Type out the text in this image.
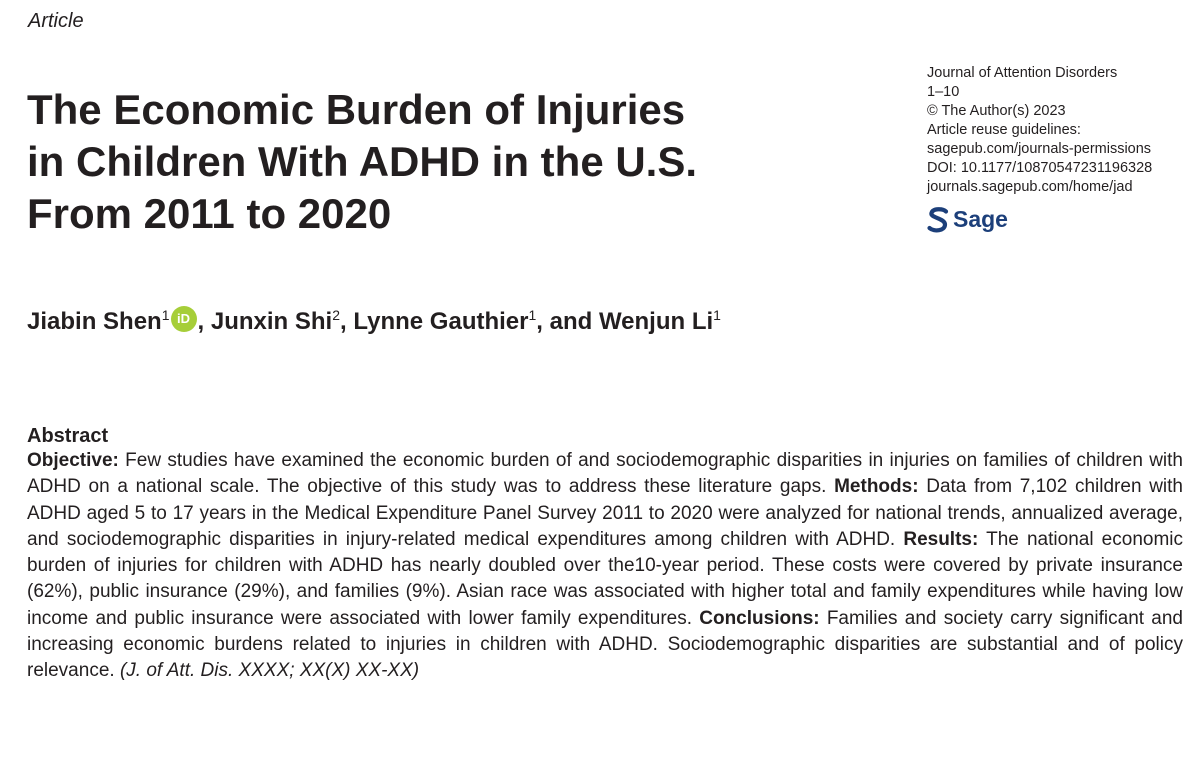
Article
The Economic Burden of Injuries
in Children With ADHD in the U.S.
From 2011 to 2020
Journal of Attention Disorders
1–10
© The Author(s) 2023
Article reuse guidelines:
sagepub.com/journals-permissions
DOI: 10.1177/10870547231196328
journals.sagepub.com/home/jad
Sage
Jiabin Shen$^1$ iD , Junxin Shi$^2$, Lynne Gauthier$^1$, and Wenjun Li$^1$
Abstract
Objective: Few studies have examined the economic burden of and sociodemographic disparities in injuries on families of children with ADHD on a national scale. The objective of this study was to address these literature gaps. Methods: Data from 7,102 children with ADHD aged 5 to 17 years in the Medical Expenditure Panel Survey 2011 to 2020 were analyzed for national trends, annualized average, and sociodemographic disparities in injury-related medical expenditures among children with ADHD. Results: The national economic burden of injuries for children with ADHD has nearly doubled over the10-year period. These costs were covered by private insurance (62%), public insurance (29%), and families (9%). Asian race was associated with higher total and family expenditures while having low income and public insurance were associated with lower family expenditures. Conclusions: Families and society carry significant and increasing economic burdens related to injuries in children with ADHD. Sociodemographic disparities are substantial and of policy relevance. (J. of Att. Dis. XXXX; XX(X) XX-XX)
